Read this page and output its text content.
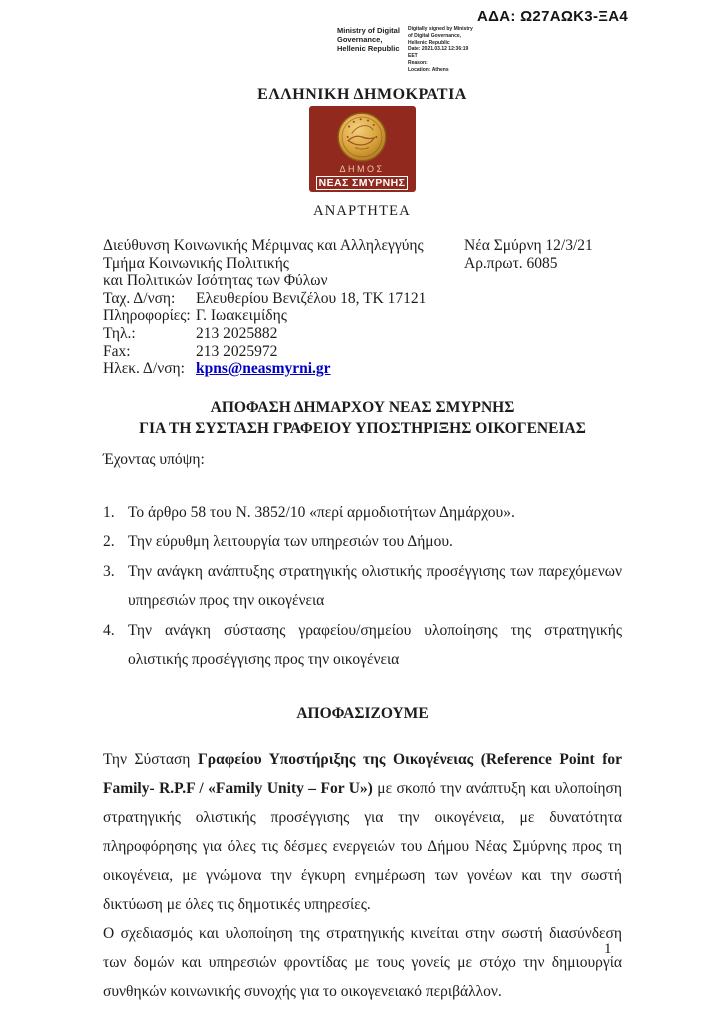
ΑΔΑ: Ω27ΑΩΚ3-ΞΑ4
Ministry of Digital
Governance,
Hellenic Republic
Digitally signed by Ministry
of Digital Governance,
Hellenic Republic
Date: 2021.03.12 12:36:19
EET
Reason:
Location: Athens
ΕΛΛΗΝΙΚΗ ΔΗΜΟΚΡΑΤΙΑ
ΔΗΜΟΣ
ΝΕΑΣ ΣΜΥΡΝΗΣ
ΑΝΑΡΤΗΤΕΑ
Διεύθυνση Κοινωνικής Μέριμνας και Αλληλεγγύης
Τμήμα Κοινωνικής Πολιτικής
και Πολιτικών Ισότητας των Φύλων
Ταχ. Δ/νση:	Ελευθερίου Βενιζέλου 18, ΤΚ 17121
Πληροφορίες: Γ. Ιωακειμίδης
Τηλ.:	213 2025882
Fax:	213 2025972
Ηλεκ. Δ/νση: kpns@neasmyrni.gr
Νέα Σμύρνη 12/3/21
Αρ.πρωτ. 6085
ΑΠΟΦΑΣΗ ΔΗΜΑΡΧΟΥ ΝΕΑΣ ΣΜΥΡΝΗΣ
ΓΙΑ ΤΗ ΣΥΣΤΑΣΗ ΓΡΑΦΕΙΟΥ ΥΠΟΣΤΗΡΙΞΗΣ ΟΙΚΟΓΕΝΕΙΑΣ
Έχοντας υπόψη:
1. Το άρθρο 58 του Ν. 3852/10 «περί αρμοδιοτήτων Δημάρχου».
2. Την εύρυθμη λειτουργία των υπηρεσιών του Δήμου.
3. Την ανάγκη ανάπτυξης στρατηγικής ολιστικής προσέγγισης των παρεχόμενων υπηρεσιών προς την οικογένεια
4. Την ανάγκη σύστασης γραφείου/σημείου υλοποίησης της στρατηγικής ολιστικής προσέγγισης προς την οικογένεια
ΑΠΟΦΑΣΙΖΟΥΜΕ

Την Σύσταση Γραφείου Υποστήριξης της Οικογένειας (Reference Point for Family- R.P.F / «Family Unity – For U») με σκοπό την ανάπτυξη και υλοποίηση στρατηγικής ολιστικής προσέγγισης για την οικογένεια, με δυνατότητα πληροφόρησης για όλες τις δέσμες ενεργειών του Δήμου Νέας Σμύρνης προς τη οικογένεια, με γνώμονα την έγκυρη ενημέρωση των γονέων και την σωστή δικτύωση με όλες τις δημοτικές υπηρεσίες.

Ο σχεδιασμός και υλοποίηση της στρατηγικής κινείται στην σωστή διασύνδεση των δομών και υπηρεσιών φροντίδας με τους γονείς με στόχο την δημιουργία συνθηκών κοινωνικής συνοχής για το οικογενειακό περιβάλλον.

1
